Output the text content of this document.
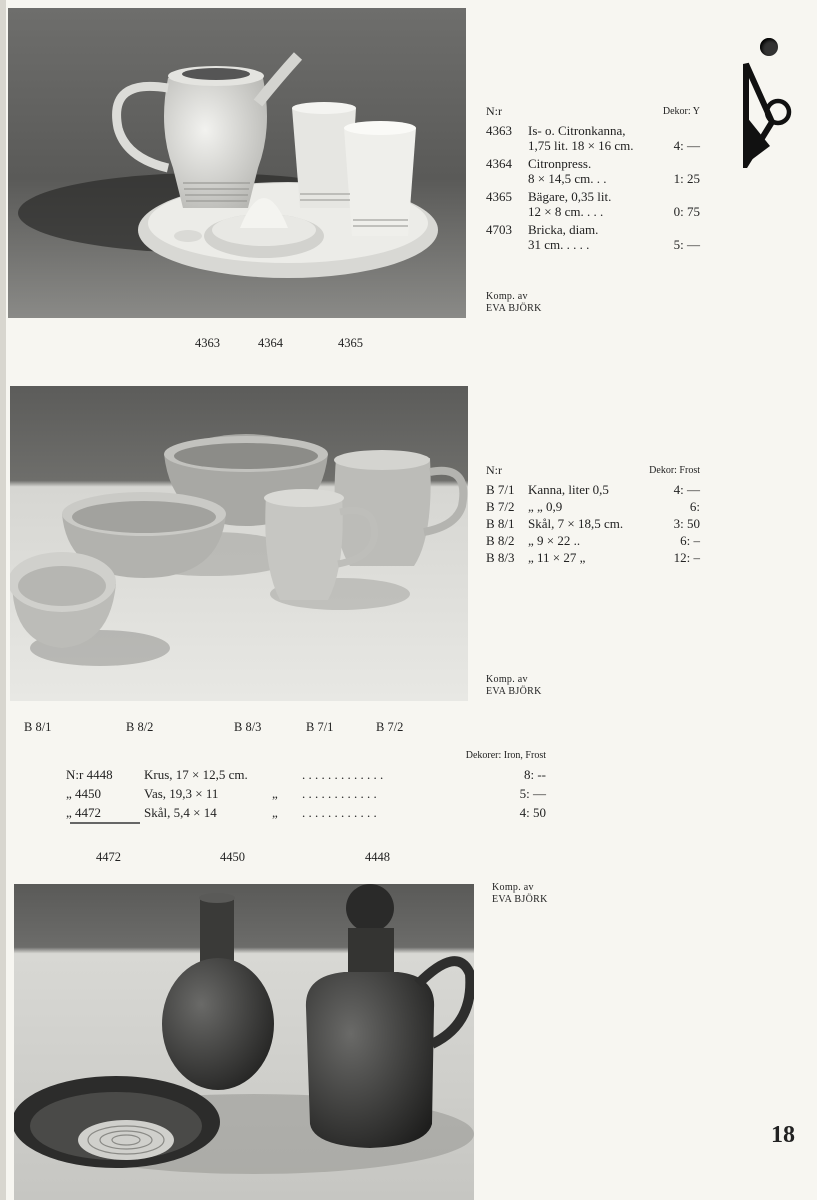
N:r	Dekor: Y
4363	Is- o. Citronkanna,
1,75 lit. 18 × 16 cm.	4: —
4364	Citronpress.
8 × 14,5 cm. . .	1: 25
4365	Bägare, 0,35 lit.
12 × 8 cm. . . .	0: 75
4703	Bricka, diam.
31 cm. . . . .	5: —
Komp. av
EVA BJÖRK
4363	4364	4365
N:r	Dekor: Frost
B 7/1	Kanna, liter 0,5	4: —
B 7/2	„ „ 0,9	6:
B 8/1	Skål, 7 × 18,5 cm.	3: 50
B 8/2	„ 9 × 22 ..	6: –
B 8/3	„ 11 × 27 „	12: –
Komp. av
EVA BJÖRK
B 8/1	B 8/2	B 8/3	B 7/1	B 7/2
Dekorer: Iron, Frost
N:r 4448	Krus, 17 × 12,5 cm.	. . . . . . . . . . . . .	8: --
„ 4450	Vas, 19,3 × 11	„	. . . . . . . . . . . .	5: —
„ 4472	Skål, 5,4 × 14	„	. . . . . . . . . . . .	4: 50
4472	4450	4448
Komp. av
EVA BJÖRK
18
